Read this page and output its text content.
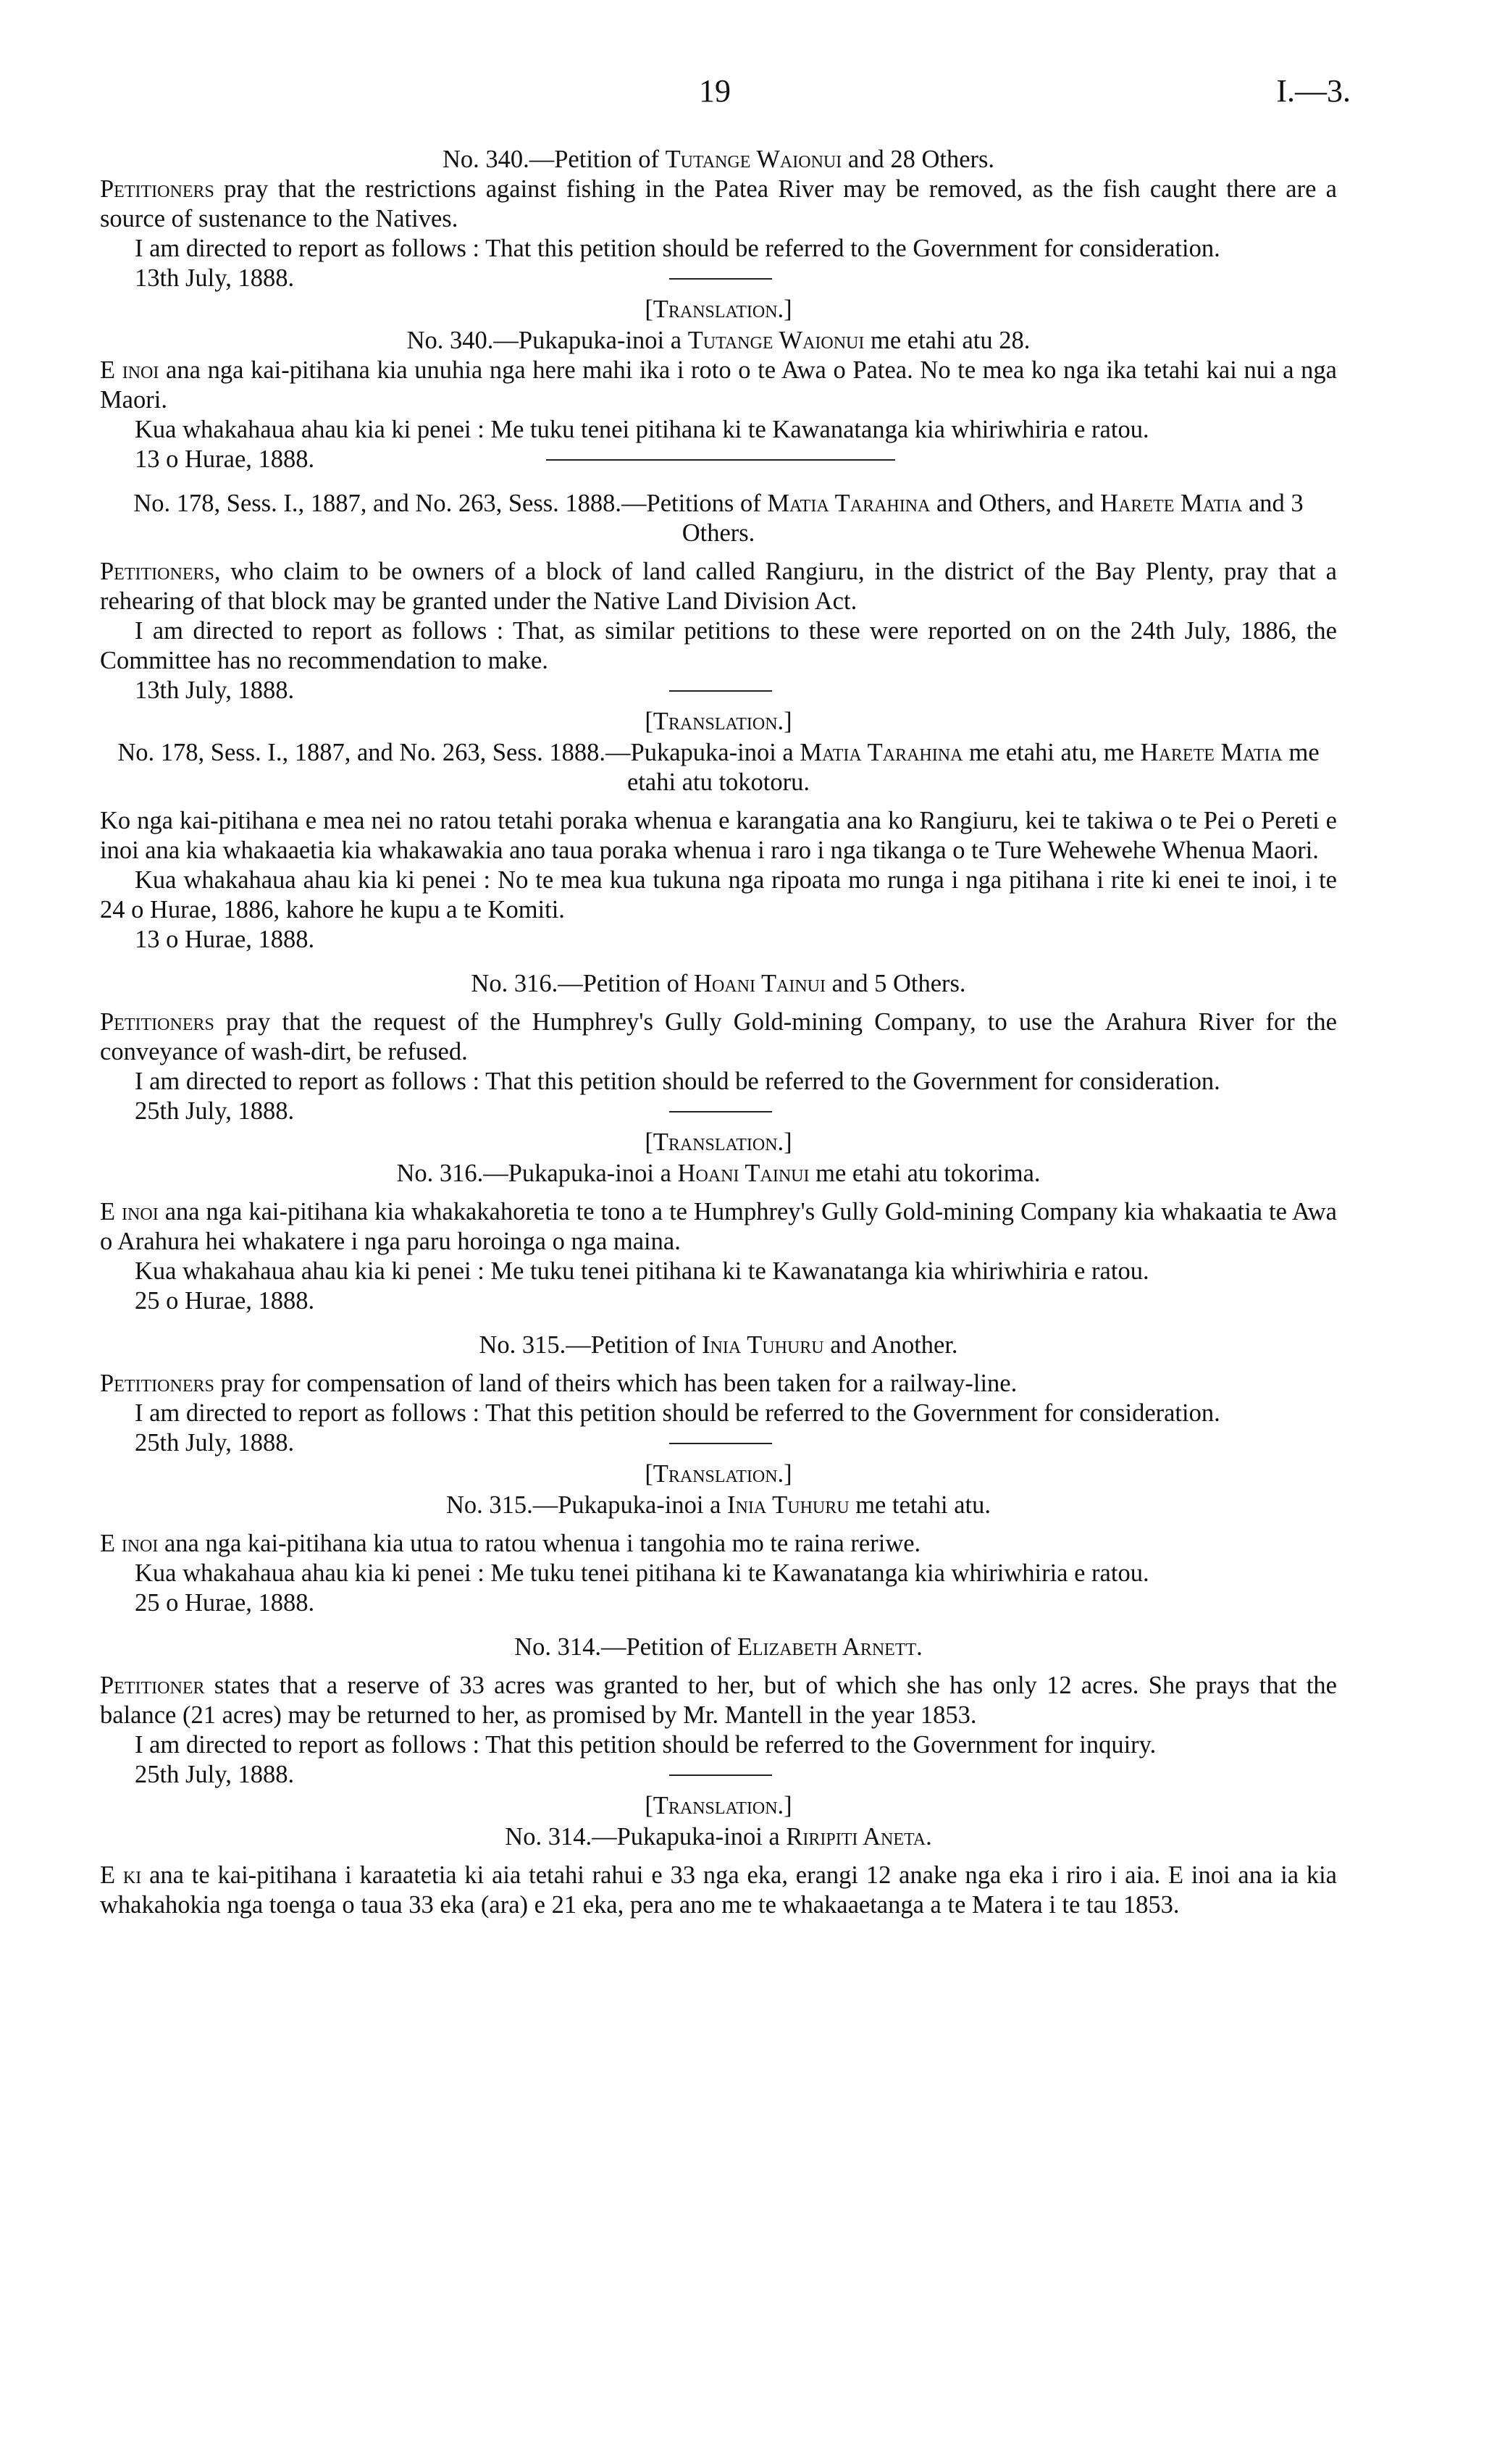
19	I.—3.

No. 340.—Petition of Tutange Waionui and 28 Others.

Petitioners pray that the restrictions against fishing in the Patea River may be removed, as the fish caught there are a source of sustenance to the Natives.

I am directed to report as follows : That this petition should be referred to the Government for consideration.

13th July, 1888.

[Translation.]

No. 340.—Pukapuka-inoi a Tutange Waionui me etahi atu 28.

E inoi ana nga kai-pitihana kia unuhia nga here mahi ika i roto o te Awa o Patea. No te mea ko nga ika tetahi kai nui a nga Maori.

Kua whakahaua ahau kia ki penei : Me tuku tenei pitihana ki te Kawanatanga kia whiriwhiria e ratou.

13 o Hurae, 1888.

No. 178, Sess. I., 1887, and No. 263, Sess. 1888.—Petitions of Matia Tarahina and Others, and Harete Matia and 3 Others.

Petitioners, who claim to be owners of a block of land called Rangiuru, in the district of the Bay Plenty, pray that a rehearing of that block may be granted under the Native Land Division Act.

I am directed to report as follows : That, as similar petitions to these were reported on on the 24th July, 1886, the Committee has no recommendation to make.

13th July, 1888.

[Translation.]

No. 178, Sess. I., 1887, and No. 263, Sess. 1888.—Pukapuka-inoi a Matia Tarahina me etahi atu, me Harete Matia me etahi atu tokotoru.

Ko nga kai-pitihana e mea nei no ratou tetahi poraka whenua e karangatia ana ko Rangiuru, kei te takiwa o te Pei o Pereti e inoi ana kia whakaaetia kia whakawakia ano taua poraka whenua i raro i nga tikanga o te Ture Wehewehe Whenua Maori.

Kua whakahaua ahau kia ki penei : No te mea kua tukuna nga ripoata mo runga i nga pitihana i rite ki enei te inoi, i te 24 o Hurae, 1886, kahore he kupu a te Komiti.

13 o Hurae, 1888.

No. 316.—Petition of Hoani Tainui and 5 Others.

Petitioners pray that the request of the Humphrey's Gully Gold-mining Company, to use the Arahura River for the conveyance of wash-dirt, be refused.

I am directed to report as follows : That this petition should be referred to the Government for consideration.

25th July, 1888.

[Translation.]

No. 316.—Pukapuka-inoi a Hoani Tainui me etahi atu tokorima.

E inoi ana nga kai-pitihana kia whakakahoretia te tono a te Humphrey's Gully Gold-mining Company kia whakaatia te Awa o Arahura hei whakatere i nga paru horoinga o nga maina.

Kua whakahaua ahau kia ki penei : Me tuku tenei pitihana ki te Kawanatanga kia whiriwhiria e ratou.

25 o Hurae, 1888.

No. 315.—Petition of Inia Tuhuru and Another.

Petitioners pray for compensation of land of theirs which has been taken for a railway-line.

I am directed to report as follows : That this petition should be referred to the Government for consideration.

25th July, 1888.

[Translation.]

No. 315.—Pukapuka-inoi a Inia Tuhuru me tetahi atu.

E inoi ana nga kai-pitihana kia utua to ratou whenua i tangohia mo te raina reriwe.

Kua whakahaua ahau kia ki penei : Me tuku tenei pitihana ki te Kawanatanga kia whiriwhiria e ratou.

25 o Hurae, 1888.

No. 314.—Petition of Elizabeth Arnett.

Petitioner states that a reserve of 33 acres was granted to her, but of which she has only 12 acres. She prays that the balance (21 acres) may be returned to her, as promised by Mr. Mantell in the year 1853.

I am directed to report as follows : That this petition should be referred to the Government for inquiry.

25th July, 1888.

[Translation.]

No. 314.—Pukapuka-inoi a Riripiti Aneta.

E ki ana te kai-pitihana i karaatetia ki aia tetahi rahui e 33 nga eka, erangi 12 anake nga eka i riro i aia. E inoi ana ia kia whakahokia nga toenga o taua 33 eka (ara) e 21 eka, pera ano me te whakaaetanga a te Matera i te tau 1853.
